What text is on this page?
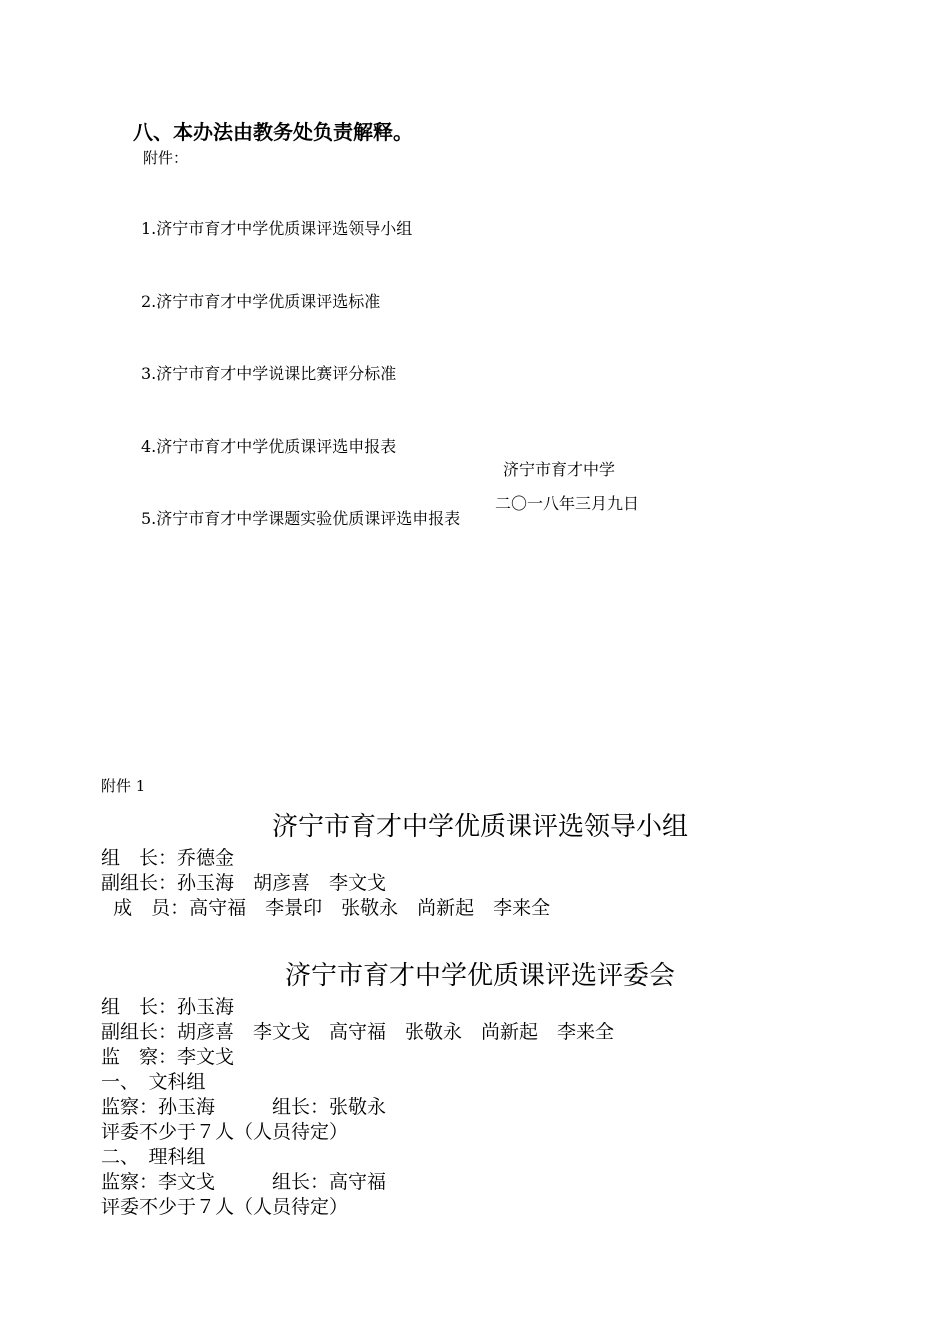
八、本办法由教务处负责解释。
附件：

1.济宁市育才中学优质课评选领导小组

2.济宁市育才中学优质课评选标准

3.济宁市育才中学说课比赛评分标准

4.济宁市育才中学优质课评选申报表

5.济宁市育才中学课题实验优质课评选申报表

济宁市育才中学
二〇一八年三月九日
附件 1
济宁市育才中学优质课评选领导小组
组　长：乔德金
副组长：孙玉海　胡彦喜　李文戈
成　员：高守福　李景印　张敬永　尚新起　李来全
济宁市育才中学优质课评选评委会
组　长：孙玉海
副组长：胡彦喜　李文戈　高守福　张敬永　尚新起　李来全
监　察：李文戈
一、　文科组
监察：孙玉海　　　组长：张敬永
评委不少于７人（人员待定）
二、　理科组
监察：李文戈　　　组长：高守福
评委不少于７人（人员待定）
